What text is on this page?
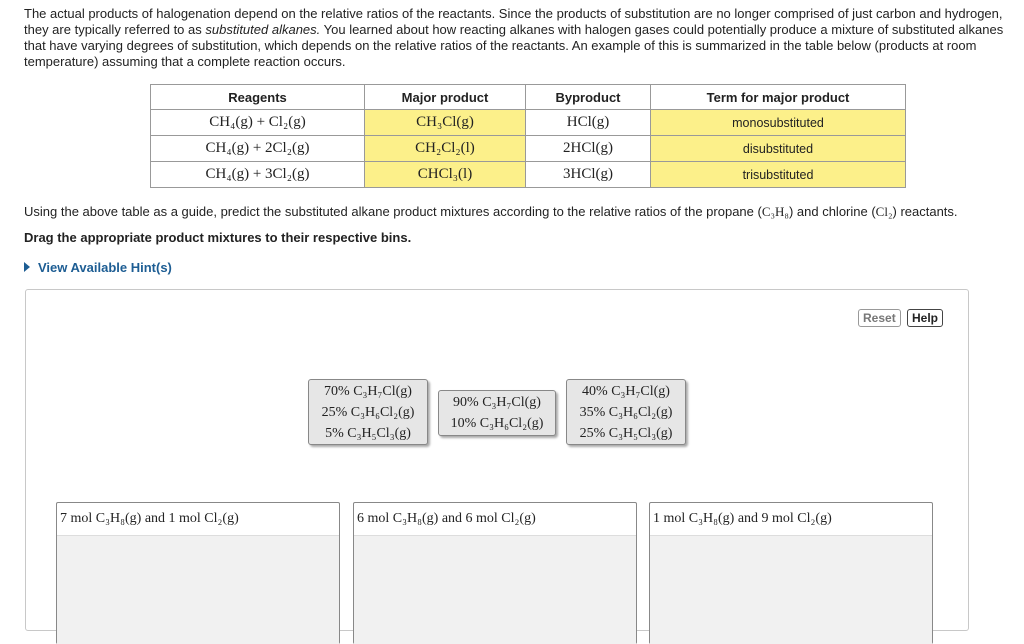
The actual products of halogenation depend on the relative ratios of the reactants. Since the products of substitution are no longer comprised of just carbon and hydrogen, they are typically referred to as substituted alkanes. You learned about how reacting alkanes with halogen gases could potentially produce a mixture of substituted alkanes that have varying degrees of substitution, which depends on the relative ratios of the reactants. An example of this is summarized in the table below (products at room temperature) assuming that a complete reaction occurs.

Reagents	Major product	Byproduct	Term for major product
CH₄(g) + Cl₂(g)	CH₃Cl(g)	HCl(g)	monosubstituted
CH₄(g) + 2Cl₂(g)	CH₂Cl₂(l)	2HCl(g)	disubstituted
CH₄(g) + 3Cl₂(g)	CHCl₃(l)	3HCl(g)	trisubstituted

Using the above table as a guide, predict the substituted alkane product mixtures according to the relative ratios of the propane (C₃H₈) and chlorine (Cl₂) reactants.

Drag the appropriate product mixtures to their respective bins.

View Available Hint(s)
Reset	Help
70% C₃H₇Cl(g)
25% C₃H₆Cl₂(g)
5% C₃H₅Cl₃(g)
90% C₃H₇Cl(g)
10% C₃H₆Cl₂(g)
40% C₃H₇Cl(g)
35% C₃H₆Cl₂(g)
25% C₃H₅Cl₃(g)
7 mol C₃H₈(g) and 1 mol Cl₂(g)	6 mol C₃H₈(g) and 6 mol Cl₂(g)	1 mol C₃H₈(g) and 9 mol Cl₂(g)
